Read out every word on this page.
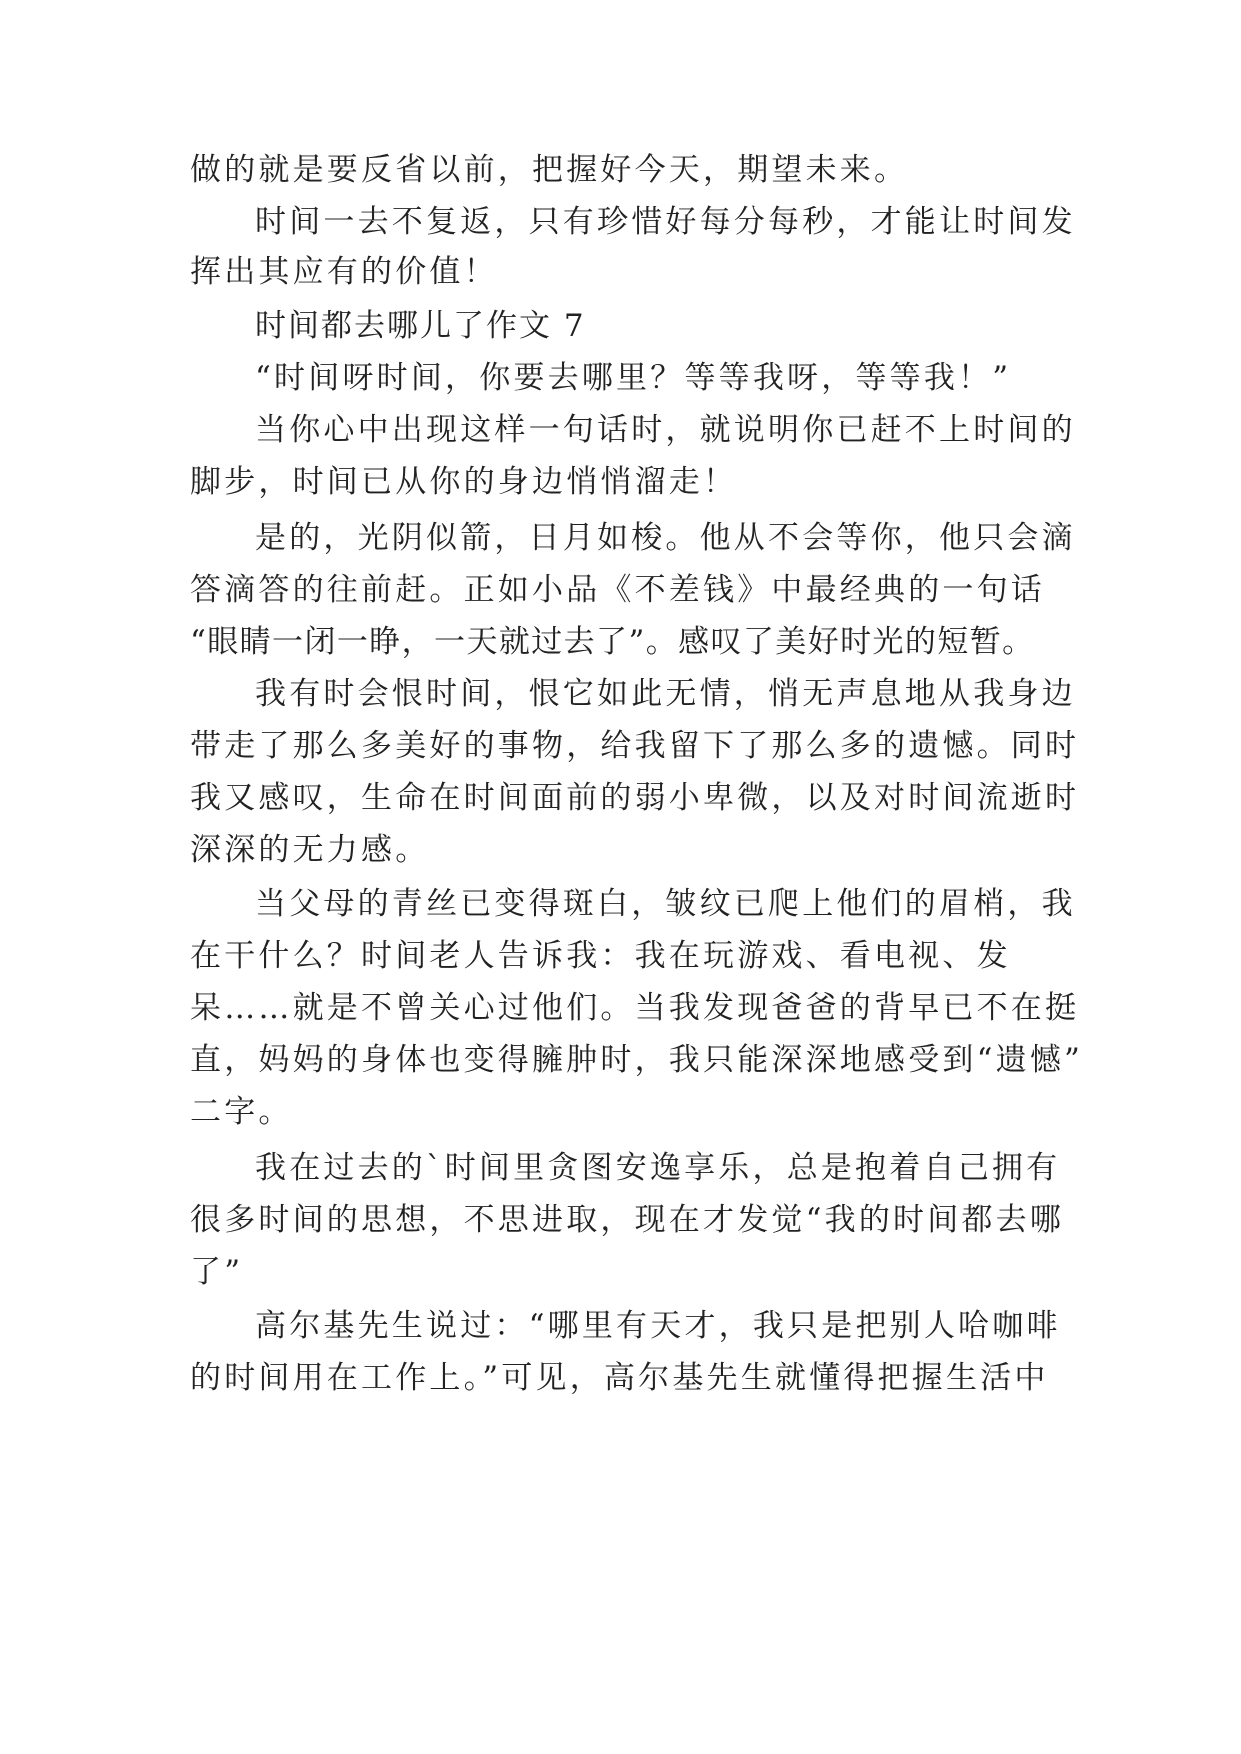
做的就是要反省以前，把握好今天，期望未来。
时间一去不复返，只有珍惜好每分每秒，才能让时间发
挥出其应有的价值！
时间都去哪儿了作文 7
“时间呀时间，你要去哪里？等等我呀，等等我！”
当你心中出现这样一句话时，就说明你已赶不上时间的
脚步，时间已从你的身边悄悄溜走！
是的，光阴似箭，日月如梭。他从不会等你，他只会滴
答滴答的往前赶。正如小品《不差钱》中最经典的一句话
“眼睛一闭一睁，一天就过去了”。感叹了美好时光的短暂。
我有时会恨时间，恨它如此无情，悄无声息地从我身边
带走了那么多美好的事物，给我留下了那么多的遗憾。同时
我又感叹，生命在时间面前的弱小卑微，以及对时间流逝时
深深的无力感。
当父母的青丝已变得斑白，皱纹已爬上他们的眉梢，我
在干什么？时间老人告诉我：我在玩游戏、看电视、发
呆……就是不曾关心过他们。当我发现爸爸的背早已不在挺
直，妈妈的身体也变得臃肿时，我只能深深地感受到“遗憾”
二字。
我在过去的`时间里贪图安逸享乐，总是抱着自己拥有
很多时间的思想，不思进取，现在才发觉“我的时间都去哪
了”
高尔基先生说过：“哪里有天才，我只是把别人哈咖啡
的时间用在工作上。”可见，高尔基先生就懂得把握生活中
